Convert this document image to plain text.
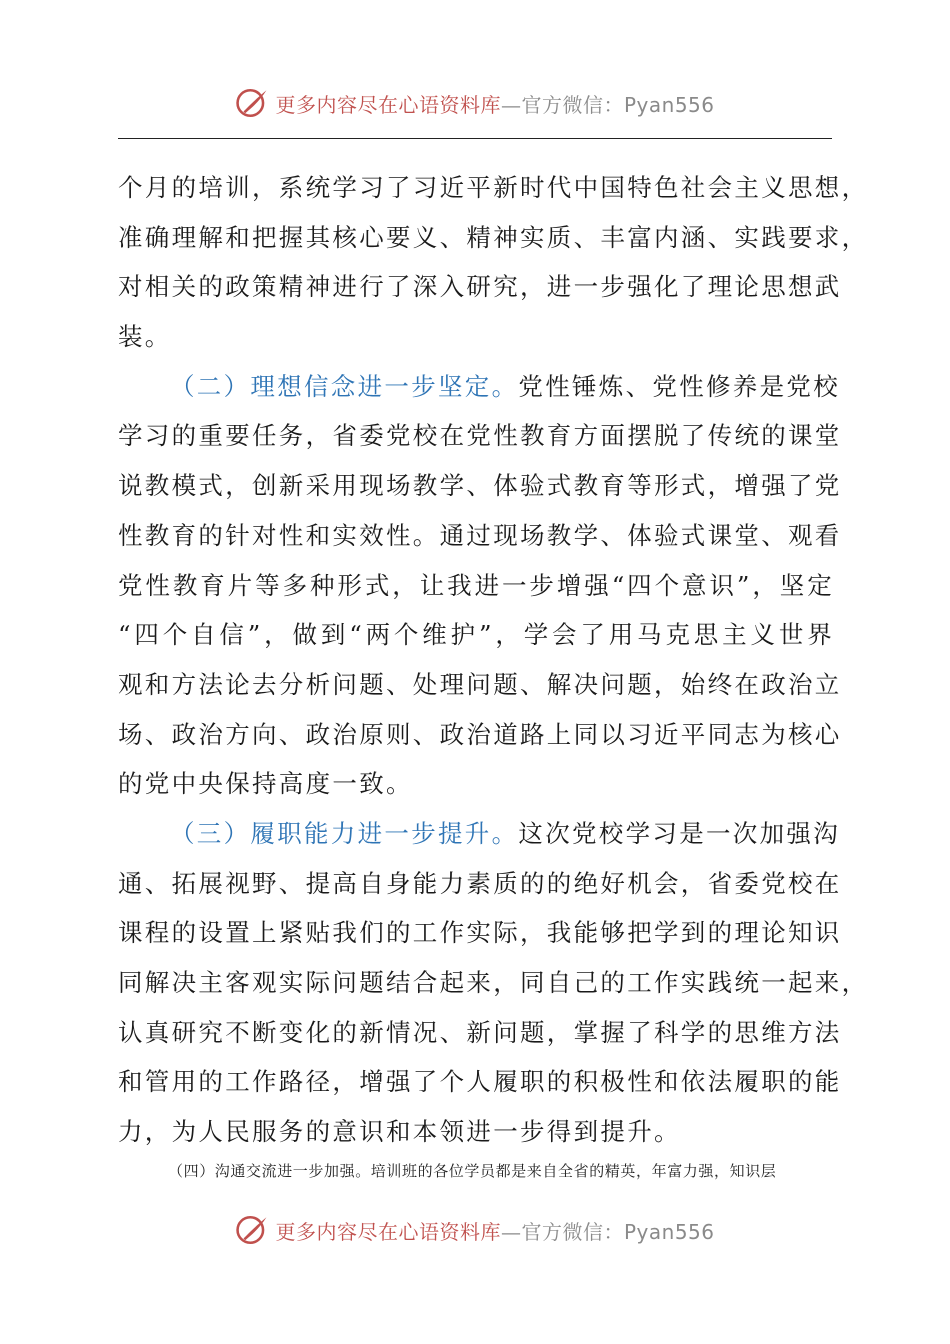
更多内容尽在心语资料库—官方微信：Pyan556
个月的培训，系统学习了习近平新时代中国特色社会主义思想，
准确理解和把握其核心要义、精神实质、丰富内涵、实践要求，
对相关的政策精神进行了深入研究，进一步强化了理论思想武
装。
（二）理想信念进一步坚定。党性锤炼、党性修养是党校
学习的重要任务，省委党校在党性教育方面摆脱了传统的课堂
说教模式，创新采用现场教学、体验式教育等形式，增强了党
性教育的针对性和实效性。通过现场教学、体验式课堂、观看
党性教育片等多种形式，让我进一步增强“四个意识”，坚定
“四个自信”，做到“两个维护”，学会了用马克思主义世界
观和方法论去分析问题、处理问题、解决问题，始终在政治立
场、政治方向、政治原则、政治道路上同以习近平同志为核心
的党中央保持高度一致。
（三）履职能力进一步提升。这次党校学习是一次加强沟
通、拓展视野、提高自身能力素质的的绝好机会，省委党校在
课程的设置上紧贴我们的工作实际，我能够把学到的理论知识
同解决主客观实际问题结合起来，同自己的工作实践统一起来，
认真研究不断变化的新情况、新问题，掌握了科学的思维方法
和管用的工作路径，增强了个人履职的积极性和依法履职的能
力，为人民服务的意识和本领进一步得到提升。
（四）沟通交流进一步加强。培训班的各位学员都是来自全省的精英，年富力强，知识层
更多内容尽在心语资料库—官方微信：Pyan556
